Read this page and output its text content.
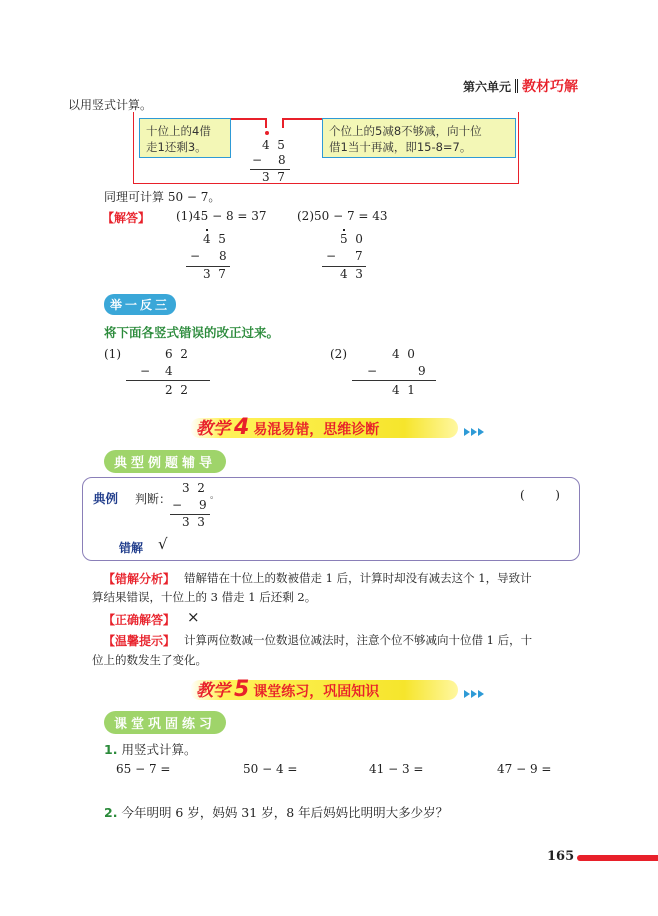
第六单元 教材巧解
以用竖式计算。
十位上的4借
走1还剩3。
个位上的5减8不够减，向十位
借1当十再减，即15-8=7。
4  5
− 8
3  7
同理可计算 50 − 7。
【解答】 (1)45 − 8 = 37	(2)50 − 7 = 43
4  5
− 8
3  7
5  0
− 7
4  3
举一反三
将下面各竖式错误的改正过来。
(1)	6  2
− 4
2  2
(2)	4  0
−	9
4  1
教学 4 易混易错，思维诊断
典型例题辅导
典例 判断：
3  2
。
− 9
3  3
(        )
错解 √
【错解分析】 错解错在十位上的数被借走 1 后，计算时却没有减去这个 1，导致计
算结果错误，十位上的 3 借走 1 后还剩 2。
【正确解答】 ×
【温馨提示】 计算两位数减一位数退位减法时，注意个位不够减向十位借 1 后，十
位上的数发生了变化。
教学 5 课堂练习，巩固知识
课堂巩固练习
1. 用竖式计算。
65 − 7 =	50 − 4 =	41 − 3 =	47 − 9 =
2. 今年明明 6 岁，妈妈 31 岁，8 年后妈妈比明明大多少岁？
165
